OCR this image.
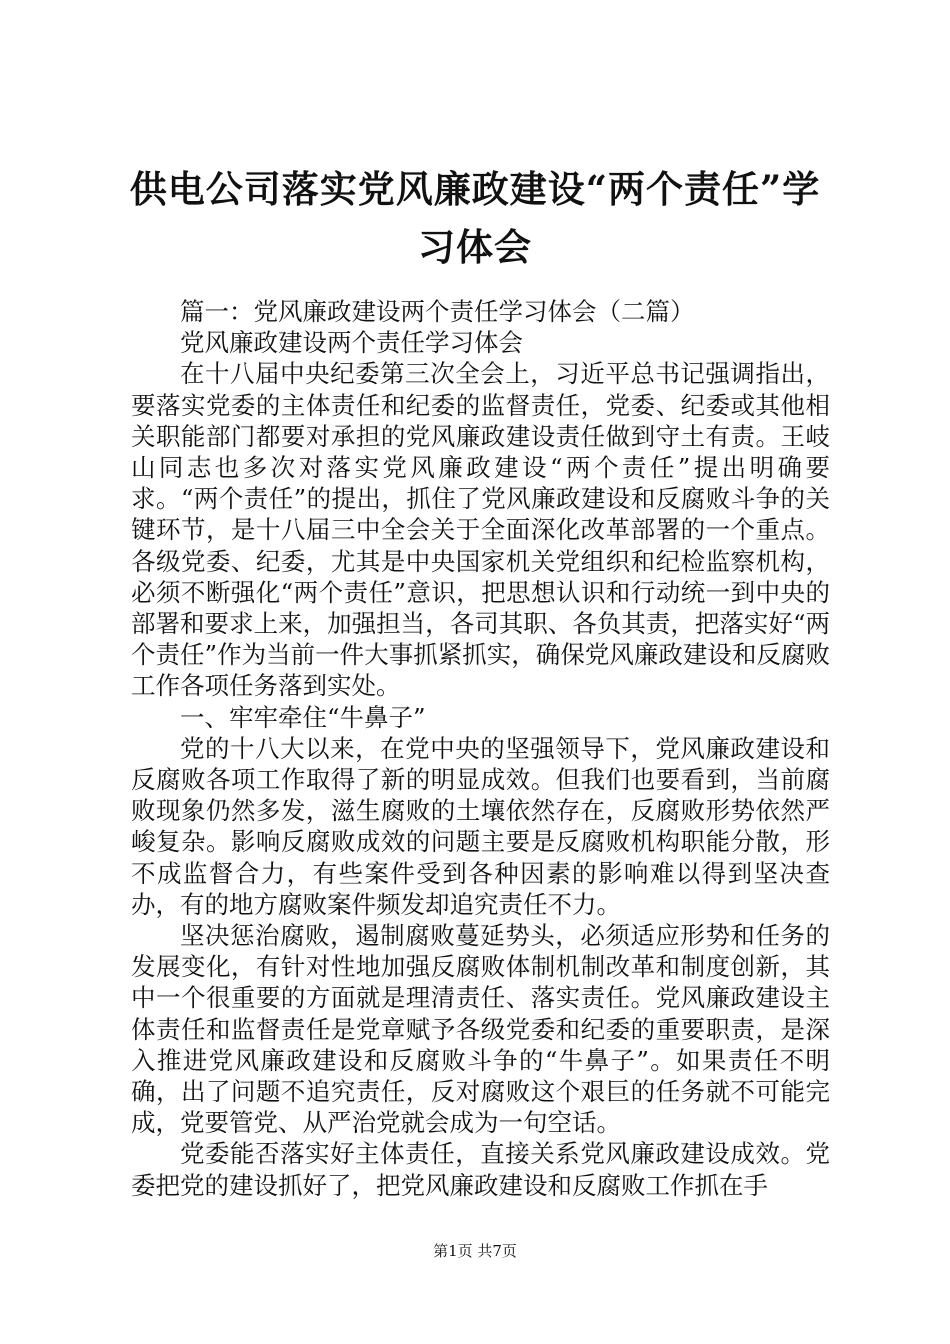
供电公司落实党风廉政建设“两个责任”学习体会

篇一：党风廉政建设两个责任学习体会（二篇）

党风廉政建设两个责任学习体会

在十八届中央纪委第三次全会上，习近平总书记强调指出，要落实党委的主体责任和纪委的监督责任，党委、纪委或其他相关职能部门都要对承担的党风廉政建设责任做到守土有责。王岐山同志也多次对落实党风廉政建设“两个责任”提出明确要求。“两个责任”的提出，抓住了党风廉政建设和反腐败斗争的关键环节，是十八届三中全会关于全面深化改革部署的一个重点。各级党委、纪委，尤其是中央国家机关党组织和纪检监察机构，必须不断强化“两个责任”意识，把思想认识和行动统一到中央的部署和要求上来，加强担当，各司其职、各负其责，把落实好“两个责任”作为当前一件大事抓紧抓实，确保党风廉政建设和反腐败工作各项任务落到实处。

一、牢牢牵住“牛鼻子”

党的十八大以来，在党中央的坚强领导下，党风廉政建设和反腐败各项工作取得了新的明显成效。但我们也要看到，当前腐败现象仍然多发，滋生腐败的土壤依然存在，反腐败形势依然严峻复杂。影响反腐败成效的问题主要是反腐败机构职能分散，形不成监督合力，有些案件受到各种因素的影响难以得到坚决查办，有的地方腐败案件频发却追究责任不力。

坚决惩治腐败，遏制腐败蔓延势头，必须适应形势和任务的发展变化，有针对性地加强反腐败体制机制改革和制度创新，其中一个很重要的方面就是理清责任、落实责任。党风廉政建设主体责任和监督责任是党章赋予各级党委和纪委的重要职责，是深入推进党风廉政建设和反腐败斗争的“牛鼻子”。如果责任不明确，出了问题不追究责任，反对腐败这个艰巨的任务就不可能完成，党要管党、从严治党就会成为一句空话。

党委能否落实好主体责任，直接关系党风廉政建设成效。党委把党的建设抓好了，把党风廉政建设和反腐败工作抓在手

第1页 共7页
